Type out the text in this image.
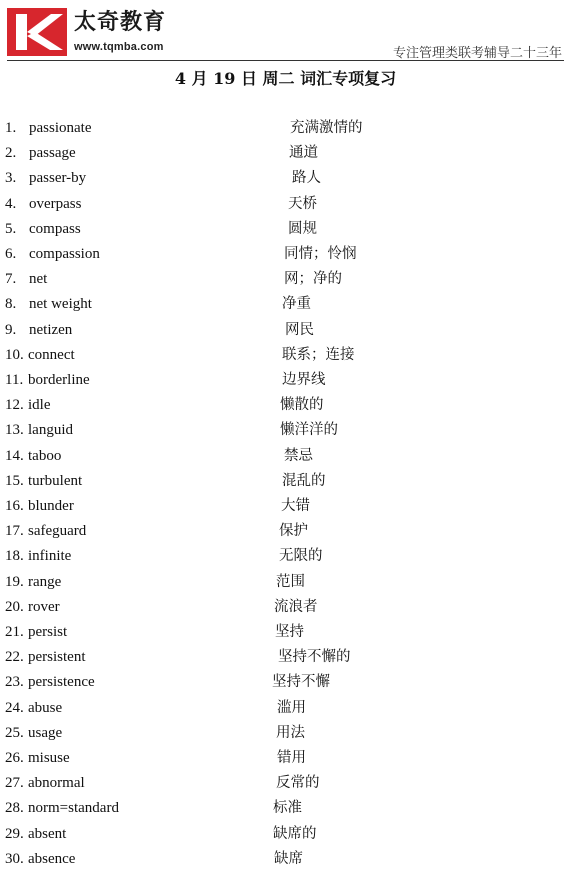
太奇教育
www.tqmba.com	专注管理类联考辅导二十三年
4 月 19 日 周二 词汇专项复习
1. passionate	充满激情的
2. passage	通道
3. passer-by	路人
4. overpass	天桥
5. compass	圆规
6. compassion	同情；怜悯
7. net	网；净的
8. net weight	净重
9. netizen	网民
10. connect	联系；连接
11. borderline	边界线
12. idle	懒散的
13. languid	懒洋洋的
14. taboo	禁忌
15. turbulent	混乱的
16. blunder	大错
17. safeguard	保护
18. infinite	无限的
19. range	范围
20. rover	流浪者
21. persist	坚持
22. persistent	坚持不懈的
23. persistence	坚持不懈
24. abuse	滥用
25. usage	用法
26. misuse	错用
27. abnormal	反常的
28. norm=standard	标准
29. absent	缺席的
30. absence	缺席
